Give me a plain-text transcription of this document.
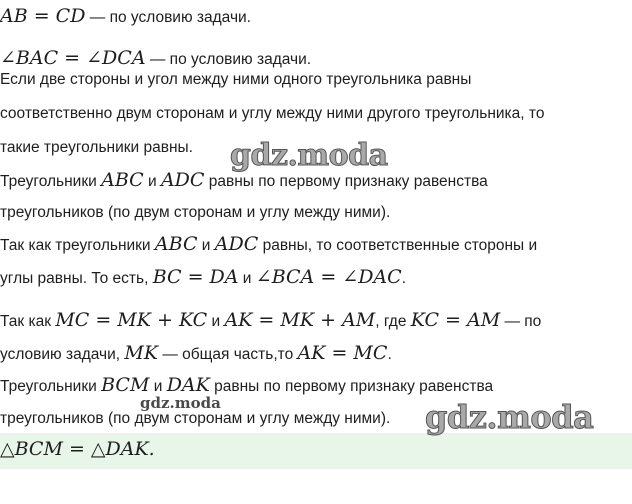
AB = CD — по условию задачи.
∠BAC = ∠DCA — по условию задачи.
Если две стороны и угол между ними одного треугольника равны
соответственно двум сторонам и углу между ними другого треугольника, то
такие треугольники равны.
Треугольники ABC и ADC равны по первому признаку равенства
треугольников (по двум сторонам и углу между ними).
Так как треугольники ABC и ADC равны, то соответственные стороны и
углы равны. То есть, BC = DA и ∠BCA = ∠DAC.
Так как MC = MK + KC и AK = MK + AM, где KC = AM — по
условию задачи, MK — общая часть,то AK = MC.
Треугольники BCM и DAK равны по первому признаку равенства
треугольников (по двум сторонам и углу между ними).
△BCM = △DAK.
gdz.moda
gdz.moda
gdz.moda
